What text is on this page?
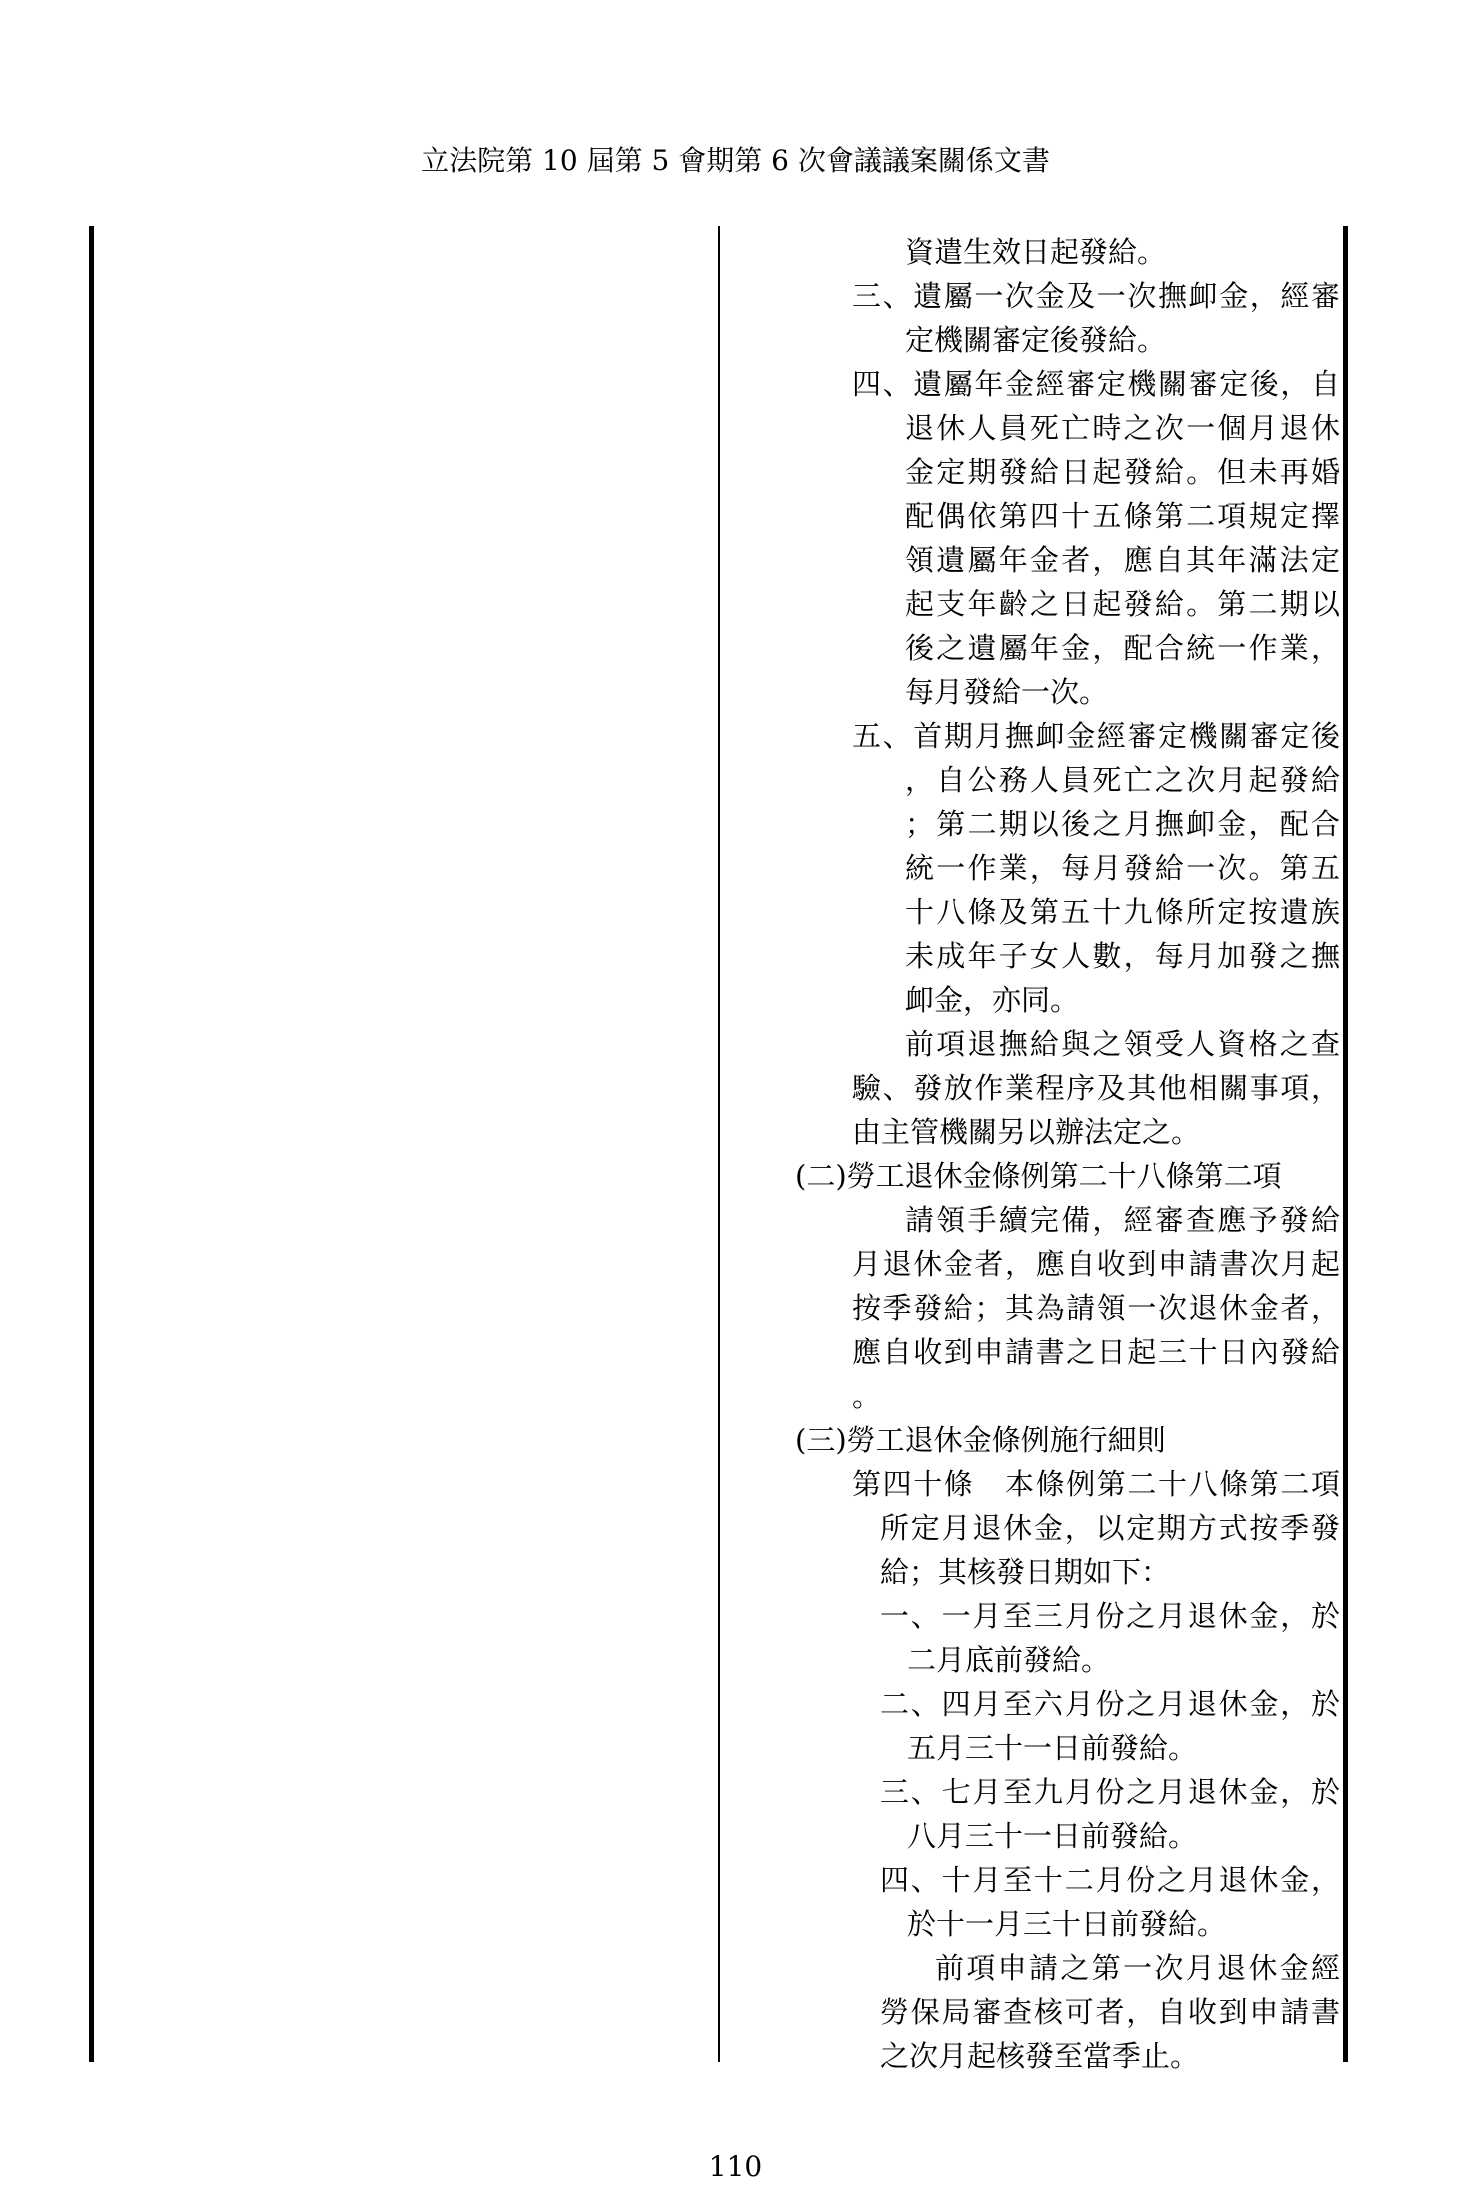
立法院第 10 屆第 5 會期第 6 次會議議案關係文書
資遣生效日起發給。
三、遺屬一次金及一次撫卹金，經審
定機關審定後發給。
四、遺屬年金經審定機關審定後，自
退休人員死亡時之次一個月退休
金定期發給日起發給。但未再婚
配偶依第四十五條第二項規定擇
領遺屬年金者，應自其年滿法定
起支年齡之日起發給。第二期以
後之遺屬年金，配合統一作業，
每月發給一次。
五、首期月撫卹金經審定機關審定後
，自公務人員死亡之次月起發給
；第二期以後之月撫卹金，配合
統一作業，每月發給一次。第五
十八條及第五十九條所定按遺族
未成年子女人數，每月加發之撫
卹金，亦同。
前項退撫給與之領受人資格之查
驗、發放作業程序及其他相關事項，
由主管機關另以辦法定之。
(二)勞工退休金條例第二十八條第二項
請領手續完備，經審查應予發給
月退休金者，應自收到申請書次月起
按季發給；其為請領一次退休金者，
應自收到申請書之日起三十日內發給
。
(三)勞工退休金條例施行細則
第四十條　本條例第二十八條第二項
所定月退休金，以定期方式按季發
給；其核發日期如下：
一、一月至三月份之月退休金，於
二月底前發給。
二、四月至六月份之月退休金，於
五月三十一日前發給。
三、七月至九月份之月退休金，於
八月三十一日前發給。
四、十月至十二月份之月退休金，
於十一月三十日前發給。
前項申請之第一次月退休金經
勞保局審查核可者，自收到申請書
之次月起核發至當季止。
110
